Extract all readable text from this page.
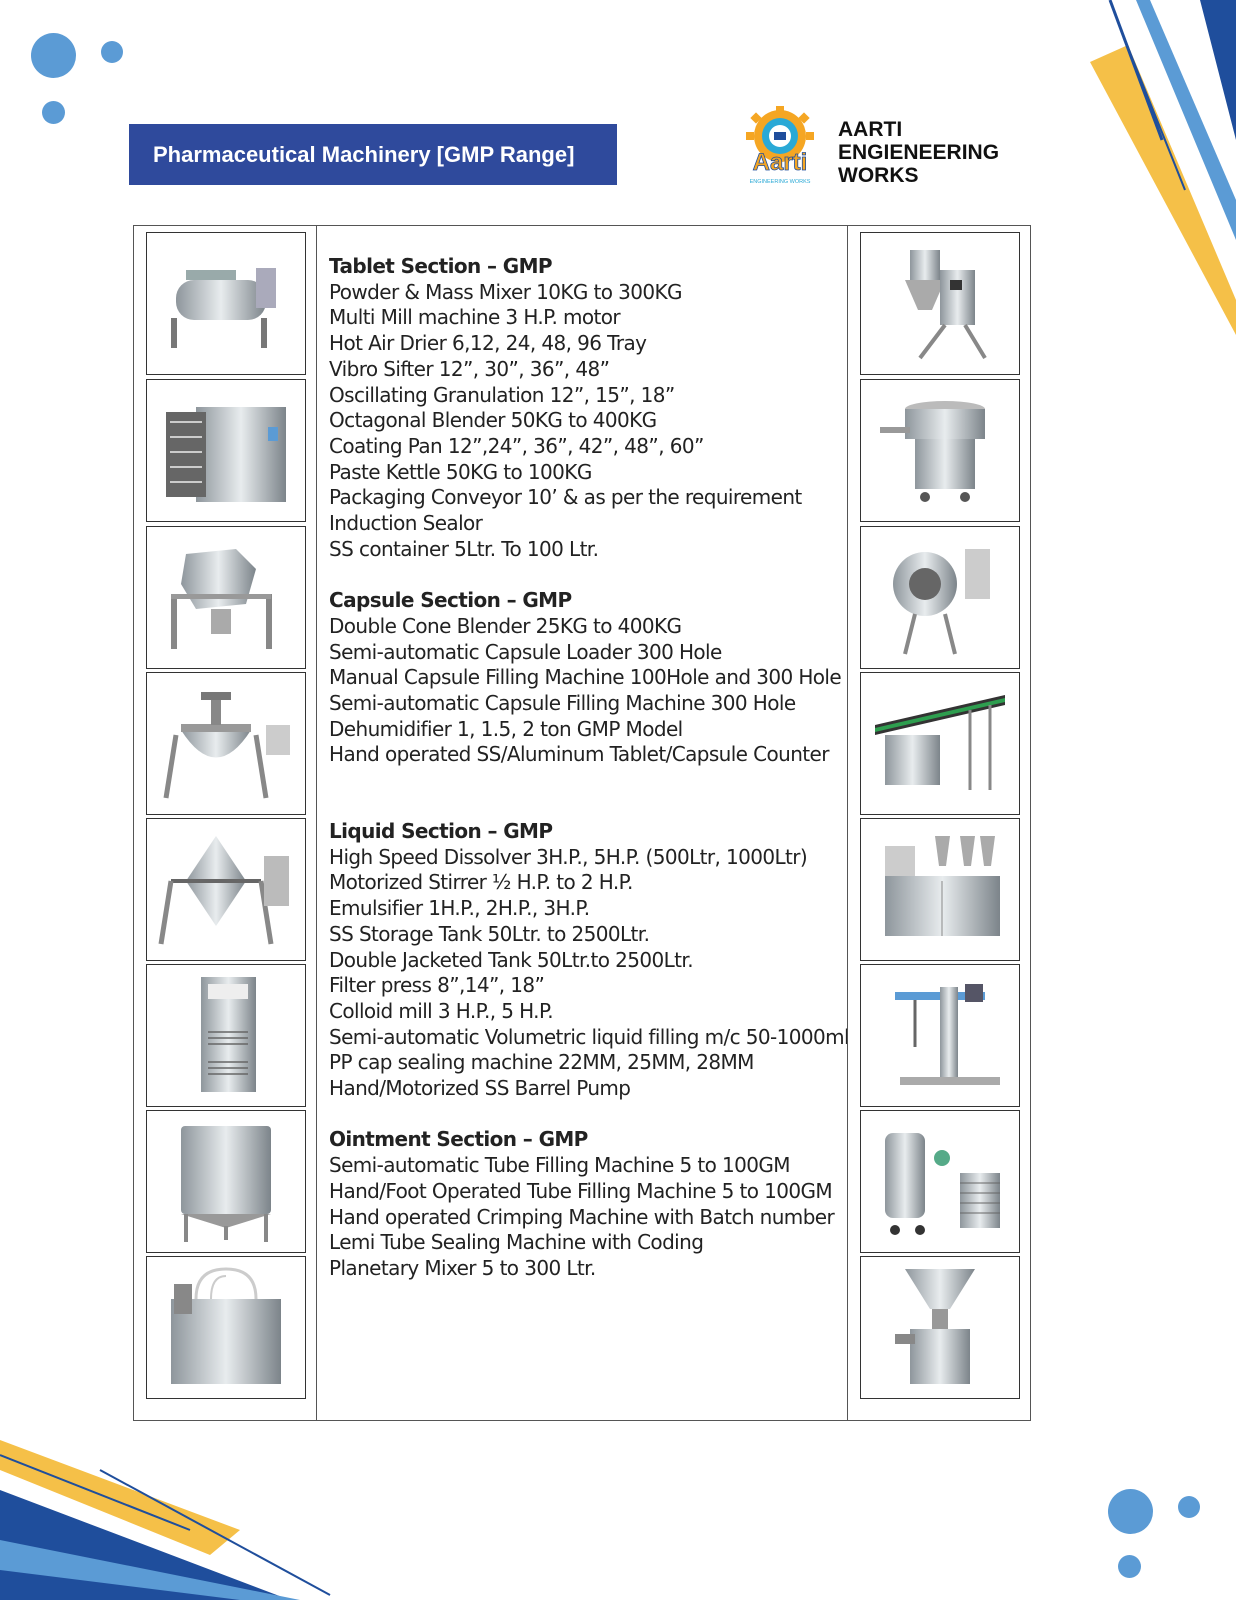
Pharmaceutical Machinery [GMP Range]	Aarti
ENGINEERING WORKS
AARTI
ENGIENEERING
WORKS
Tablet Section – GMP
Powder & Mass Mixer 10KG to 300KG
Multi Mill machine 3 H.P. motor
Hot Air Drier 6,12, 24, 48, 96 Tray
Vibro Sifter 12”, 30”, 36”, 48”
Oscillating Granulation 12”, 15”, 18”
Octagonal Blender 50KG to 400KG
Coating Pan 12”,24”, 36”, 42”, 48”, 60”
Paste Kettle 50KG to 100KG
Packaging Conveyor 10’ & as per the requirement
Induction Sealor
SS container 5Ltr. To 100 Ltr.
Capsule Section – GMP
Double Cone Blender 25KG to 400KG
Semi-automatic Capsule Loader 300 Hole
Manual Capsule Filling Machine 100Hole and 300 Hole
Semi-automatic Capsule Filling Machine 300 Hole
Dehumidifier 1, 1.5, 2 ton GMP Model
Hand operated SS/Aluminum Tablet/Capsule Counter
Liquid Section – GMP
High Speed Dissolver 3H.P., 5H.P. (500Ltr, 1000Ltr)
Motorized Stirrer ½ H.P. to 2 H.P.
Emulsifier 1H.P., 2H.P., 3H.P.
SS Storage Tank 50Ltr. to 2500Ltr.
Double Jacketed Tank 50Ltr.to 2500Ltr.
Filter press 8”,14”, 18”
Colloid mill 3 H.P., 5 H.P.
Semi-automatic Volumetric liquid filling m/c 50-1000ml
PP cap sealing machine 22MM, 25MM, 28MM
Hand/Motorized SS Barrel Pump
Ointment Section – GMP
Semi-automatic Tube Filling Machine 5 to 100GM
Hand/Foot Operated Tube Filling Machine 5 to 100GM
Hand operated Crimping Machine with Batch number
Lemi Tube Sealing Machine with Coding
Planetary Mixer 5 to 300 Ltr.
